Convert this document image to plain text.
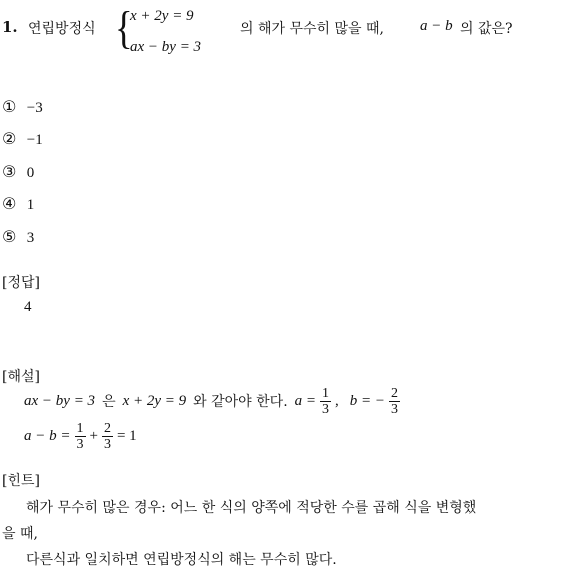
1. 연립방정식 {
x + 2y = 9
ax − by = 3
의 해가 무수히 많을 때, a − b 의 값은?
① −3
② −1
③ 0
④ 1
⑤ 3
[정답]
4
[해설]
ax − by = 3 은 x + 2y = 9 와 같아야 한다. $a = \frac{1}{3}$ , b = − $\frac{2}{3}$
$a - b = \frac{1}{3} + \frac{2}{3} = 1$
[힌트]
해가 무수히 많은 경우: 어느 한 식의 양쪽에 적당한 수를 곱해 식을 변형했
을 때,
다른식과 일치하면 연립방정식의 해는 무수히 많다.
